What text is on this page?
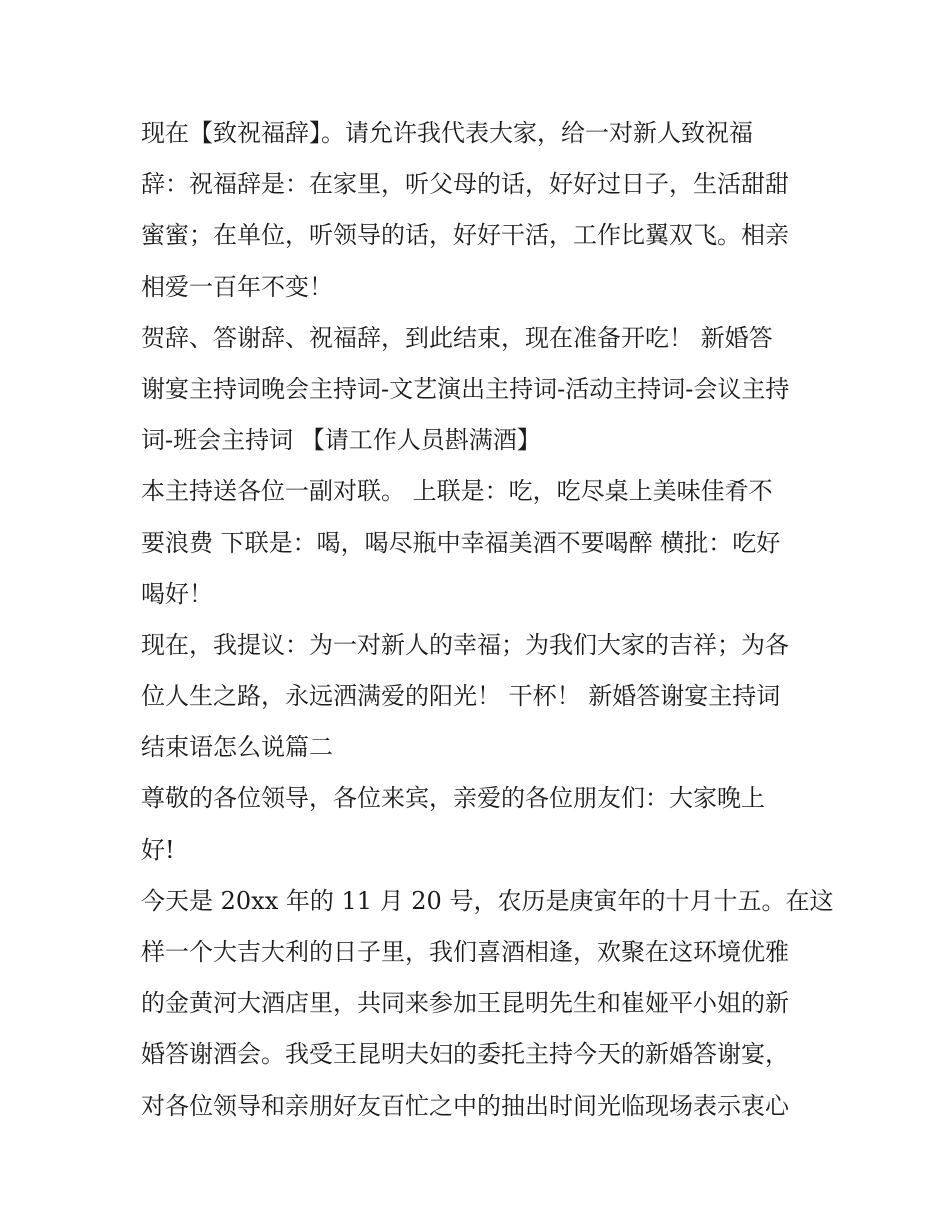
现在【致祝福辞】。请允许我代表大家，给一对新人致祝福
辞：祝福辞是：在家里，听父母的话，好好过日子，生活甜甜
蜜蜜；在单位，听领导的话，好好干活，工作比翼双飞。相亲
相爱一百年不变！
贺辞、答谢辞、祝福辞，到此结束，现在准备开吃！ 新婚答
谢宴主持词晚会主持词-文艺演出主持词-活动主持词-会议主持
词-班会主持词 【请工作人员斟满酒】
本主持送各位一副对联。 上联是：吃，吃尽桌上美味佳肴不
要浪费 下联是：喝，喝尽瓶中幸福美酒不要喝醉 横批：吃好
喝好！
现在，我提议：为一对新人的幸福；为我们大家的吉祥；为各
位人生之路，永远洒满爱的阳光！ 干杯！ 新婚答谢宴主持词
结束语怎么说篇二
尊敬的各位领导，各位来宾，亲爱的各位朋友们：大家晚上
好!
今天是 20xx 年的 11 月 20 号，农历是庚寅年的十月十五。在这
样一个大吉大利的日子里，我们喜酒相逢，欢聚在这环境优雅
的金黄河大酒店里，共同来参加王昆明先生和崔娅平小姐的新
婚答谢酒会。我受王昆明夫妇的委托主持今天的新婚答谢宴，
对各位领导和亲朋好友百忙之中的抽出时间光临现场表示衷心
